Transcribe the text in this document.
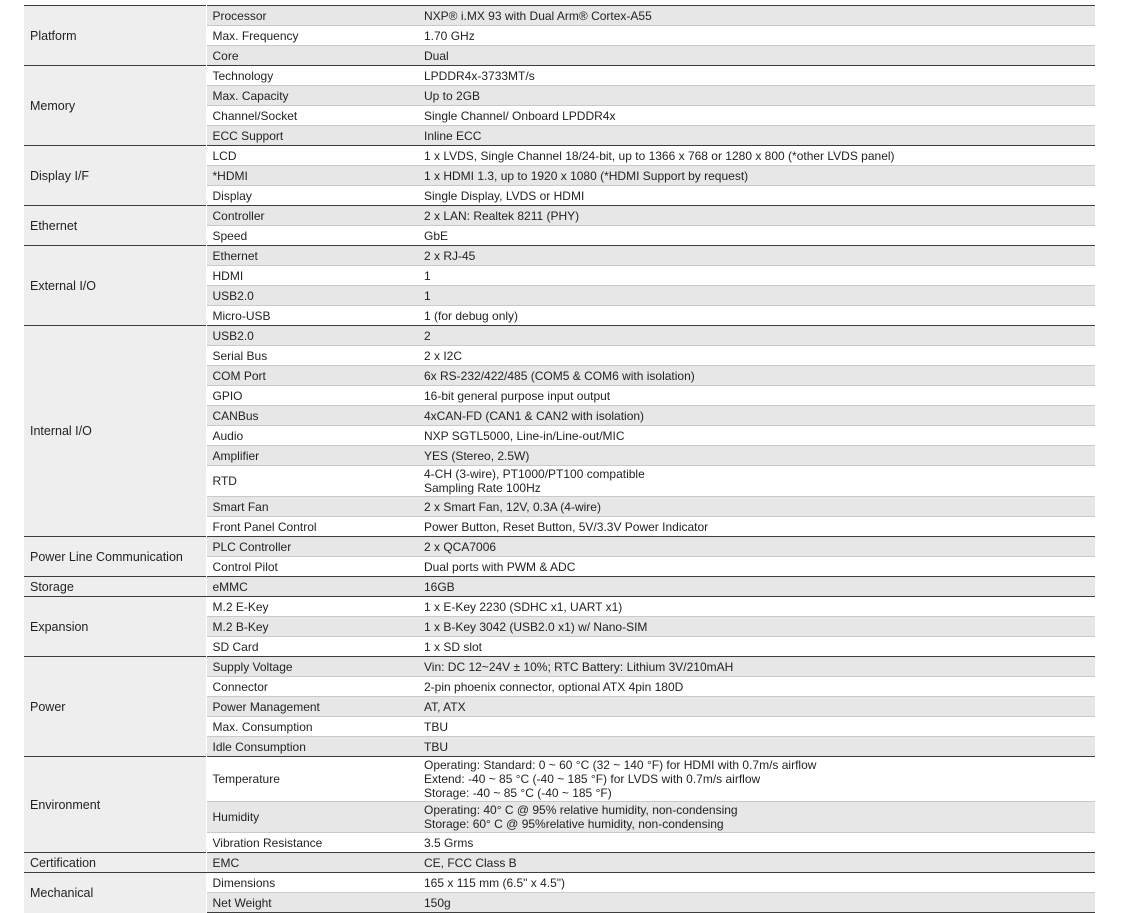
Platform	Processor	NXP® i.MX 93 with Dual Arm® Cortex-A55

	Max. Frequency	1.70 GHz

	Core	Dual

Memory	Technology	LPDDR4x-3733MT/s

	Max. Capacity	Up to 2GB

	Channel/Socket	Single Channel/ Onboard LPDDR4x

	ECC Support	Inline ECC

Display I/F	LCD	1 x LVDS, Single Channel 18/24-bit, up to 1366 x 768 or 1280 x 800 (*other LVDS panel)

	*HDMI	1 x HDMI 1.3, up to 1920 x 1080 (*HDMI Support by request)

	Display	Single Display, LVDS or HDMI

Ethernet	Controller	2 x LAN: Realtek 8211 (PHY)

	Speed	GbE

External I/O	Ethernet	2 x RJ-45

	HDMI	1

	USB2.0	1

	Micro-USB	1 (for debug only)

Internal I/O	USB2.0	2

	Serial Bus	2 x I2C

	COM Port	6x RS-232/422/485 (COM5 & COM6 with isolation)

	GPIO	16-bit general purpose input output

	CANBus	4xCAN-FD (CAN1 & CAN2 with isolation)

	Audio	NXP SGTL5000, Line-in/Line-out/MIC

	Amplifier	YES (Stereo, 2.5W)

	RTD	4-CH (3-wire), PT1000/PT100 compatible
Sampling Rate 100Hz

	Smart Fan	2 x Smart Fan, 12V, 0.3A (4-wire)

	Front Panel Control	Power Button, Reset Button, 5V/3.3V Power Indicator

Power Line Communication	PLC Controller	2 x QCA7006

	Control Pilot	Dual ports with PWM & ADC

Storage	eMMC	16GB

Expansion	M.2 E-Key	1 x E-Key 2230 (SDHC x1, UART x1)

	M.2 B-Key	1 x B-Key 3042 (USB2.0 x1) w/ Nano-SIM

	SD Card	1 x SD slot

Power	Supply Voltage	Vin: DC 12~24V ± 10%; RTC Battery: Lithium 3V/210mAH

	Connector	2-pin phoenix connector, optional ATX 4pin 180D

	Power Management	AT, ATX

	Max. Consumption	TBU

	Idle Consumption	TBU

Environment	Temperature	Operating: Standard: 0 ~ 60 °C (32 ~ 140 °F) for HDMI with 0.7m/s airflow
Extend: -40 ~ 85 °C (-40 ~ 185 °F) for LVDS with 0.7m/s airflow
Storage: -40 ~ 85 °C (-40 ~ 185 °F)

	Humidity	Operating: 40° C @ 95% relative humidity, non-condensing
Storage: 60° C @ 95%relative humidity, non-condensing

	Vibration Resistance	3.5 Grms

Certification	EMC	CE, FCC Class B

Mechanical	Dimensions	165 x 115 mm (6.5" x 4.5")

	Net Weight	150g
